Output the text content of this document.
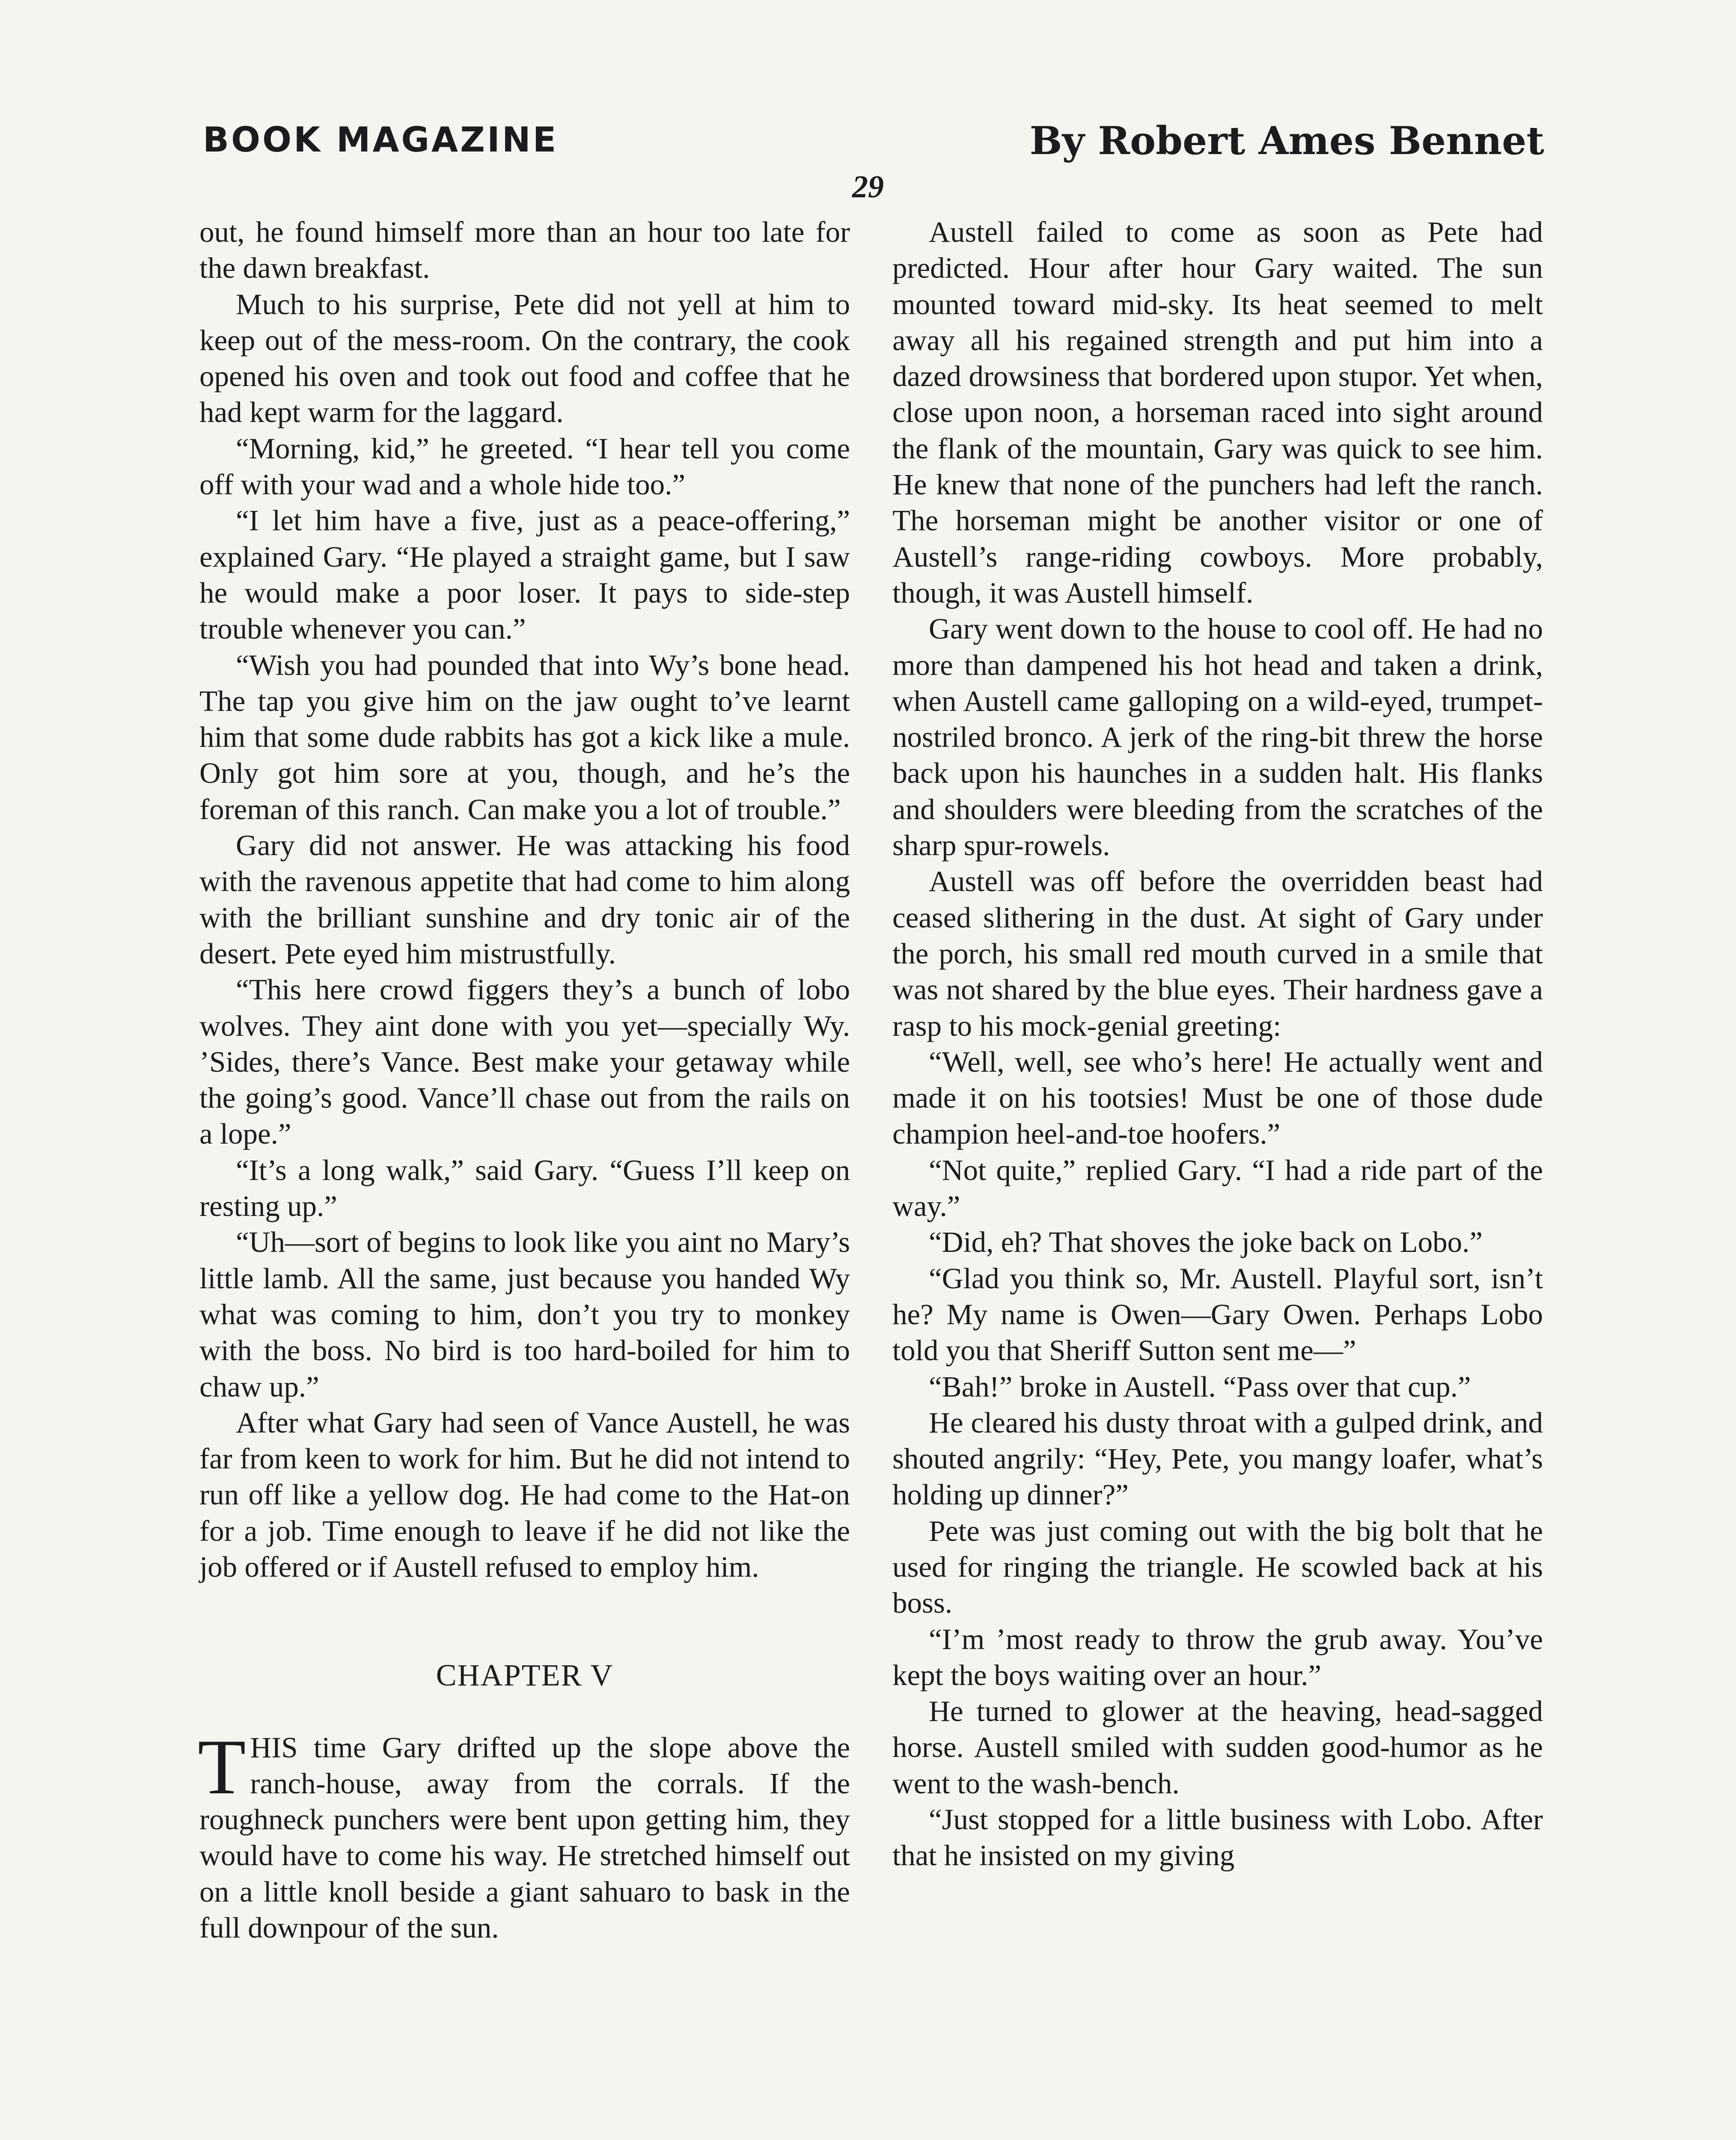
BOOK MAGAZINE	By Robert Ames Bennet
29

out, he found himself more than an hour too late for the dawn breakfast.

Much to his surprise, Pete did not yell at him to keep out of the mess-room. On the contrary, the cook opened his oven and took out food and coffee that he had kept warm for the laggard.

“Morning, kid,” he greeted. “I hear tell you come off with your wad and a whole hide too.”

“I let him have a five, just as a peace-offering,” explained Gary. “He played a straight game, but I saw he would make a poor loser. It pays to side-step trouble whenever you can.”

“Wish you had pounded that into Wy’s bone head. The tap you give him on the jaw ought to’ve learnt him that some dude rabbits has got a kick like a mule. Only got him sore at you, though, and he’s the foreman of this ranch. Can make you a lot of trouble.”

Gary did not answer. He was attacking his food with the ravenous appetite that had come to him along with the brilliant sunshine and dry tonic air of the desert. Pete eyed him mistrustfully.

“This here crowd figgers they’s a bunch of lobo wolves. They aint done with you yet—specially Wy. ’Sides, there’s Vance. Best make your getaway while the going’s good. Vance’ll chase out from the rails on a lope.”

“It’s a long walk,” said Gary. “Guess I’ll keep on resting up.”

“Uh—sort of begins to look like you aint no Mary’s little lamb. All the same, just because you handed Wy what was coming to him, don’t you try to monkey with the boss. No bird is too hard-boiled for him to chaw up.”

After what Gary had seen of Vance Austell, he was far from keen to work for him. But he did not intend to run off like a yellow dog. He had come to the Hat-on for a job. Time enough to leave if he did not like the job offered or if Austell refused to employ him.

CHAPTER V

THIS time Gary drifted up the slope above the ranch-house, away from the corrals. If the roughneck punchers were bent upon getting him, they would have to come his way. He stretched himself out on a little knoll beside a giant sahuaro to bask in the full downpour of the sun.

Austell failed to come as soon as Pete had predicted. Hour after hour Gary waited. The sun mounted toward mid-sky. Its heat seemed to melt away all his regained strength and put him into a dazed drowsiness that bordered upon stupor. Yet when, close upon noon, a horseman raced into sight around the flank of the mountain, Gary was quick to see him. He knew that none of the punchers had left the ranch. The horseman might be another visitor or one of Austell’s range-riding cowboys. More probably, though, it was Austell himself.

Gary went down to the house to cool off. He had no more than dampened his hot head and taken a drink, when Austell came galloping on a wild-eyed, trumpet-nostriled bronco. A jerk of the ring-bit threw the horse back upon his haunches in a sudden halt. His flanks and shoulders were bleeding from the scratches of the sharp spur-rowels.

Austell was off before the overridden beast had ceased slithering in the dust. At sight of Gary under the porch, his small red mouth curved in a smile that was not shared by the blue eyes. Their hardness gave a rasp to his mock-genial greeting:

“Well, well, see who’s here! He actually went and made it on his tootsies! Must be one of those dude champion heel-and-toe hoofers.”

“Not quite,” replied Gary. “I had a ride part of the way.”

“Did, eh? That shoves the joke back on Lobo.”

“Glad you think so, Mr. Austell. Playful sort, isn’t he? My name is Owen—Gary Owen. Perhaps Lobo told you that Sheriff Sutton sent me—”

“Bah!” broke in Austell. “Pass over that cup.”

He cleared his dusty throat with a gulped drink, and shouted angrily: “Hey, Pete, you mangy loafer, what’s holding up dinner?”

Pete was just coming out with the big bolt that he used for ringing the triangle. He scowled back at his boss.

“I’m ’most ready to throw the grub away. You’ve kept the boys waiting over an hour.”

He turned to glower at the heaving, head-sagged horse. Austell smiled with sudden good-humor as he went to the wash-bench.

“Just stopped for a little business with Lobo. After that he insisted on my giving
